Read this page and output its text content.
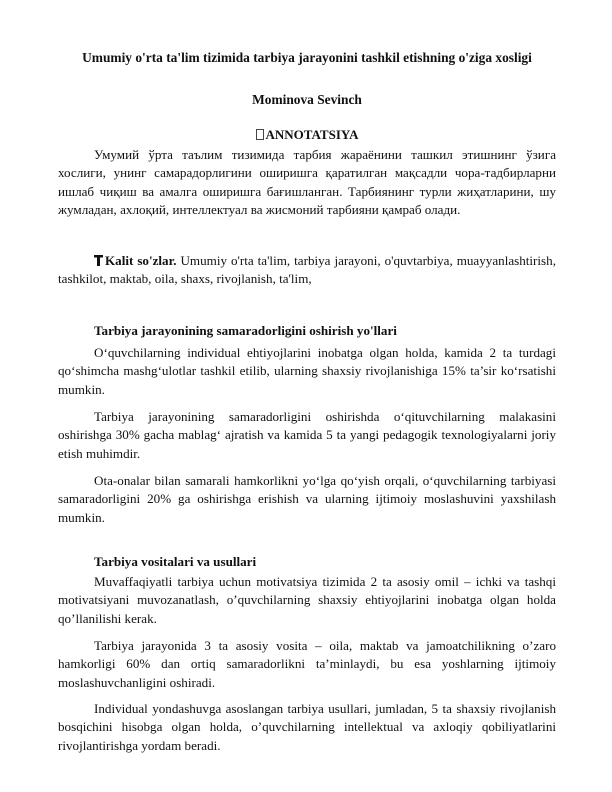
Umumiy o'rta ta'lim tizimida tarbiya jarayonini tashkil etishning o'ziga xosligi

Mominova Sevinch

ANNOTATSIYA

Умумий ўрта таълим тизимида тарбия жараёнини ташкил этишнинг ўзига хослиги, унинг самарадорлигини оширишга қаратилган мақсадли чора-тадбирларни ишлаб чиқиш ва амалга оширишга бағишланган. Тарбиянинг турли жиҳатларини, шу жумладан, ахлоқий, интеллектуал ва жисмоний тарбияни қамраб олади.

Kalit so'zlar. Umumiy o'rta ta'lim, tarbiya jarayoni, o'quvtarbiya, muayyanlashtirish, tashkilot, maktab, oila, shaxs, rivojlanish, ta'lim,

Tarbiya jarayonining samaradorligini oshirish yo'llari

O‘quvchilarning individual ehtiyojlarini inobatga olgan holda, kamida 2 ta turdagi qo‘shimcha mashg‘ulotlar tashkil etilib, ularning shaxsiy rivojlanishiga 15% ta’sir ko‘rsatishi mumkin.

Tarbiya jarayonining samaradorligini oshirishda o‘qituvchilarning malakasini oshirishga 30% gacha mablag‘ ajratish va kamida 5 ta yangi pedagogik texnologiyalarni joriy etish muhimdir.

Ota-onalar bilan samarali hamkorlikni yo‘lga qo‘yish orqali, o‘quvchilarning tarbiyasi samaradorligini 20% ga oshirishga erishish va ularning ijtimoiy moslashuvini yaxshilash mumkin.

Tarbiya vositalari va usullari

Muvaffaqiyatli tarbiya uchun motivatsiya tizimida 2 ta asosiy omil – ichki va tashqi motivatsiyani muvozanatlash, o’quvchilarning shaxsiy ehtiyojlarini inobatga olgan holda qo’llanilishi kerak.

Tarbiya jarayonida 3 ta asosiy vosita – oila, maktab va jamoatchilikning o’zaro hamkorligi 60% dan ortiq samaradorlikni ta’minlaydi, bu esa yoshlarning ijtimoiy moslashuvchanligini oshiradi.

Individual yondashuvga asoslangan tarbiya usullari, jumladan, 5 ta shaxsiy rivojlanish bosqichini hisobga olgan holda, o’quvchilarning intellektual va axloqiy qobiliyatlarini rivojlantirishga yordam beradi.
